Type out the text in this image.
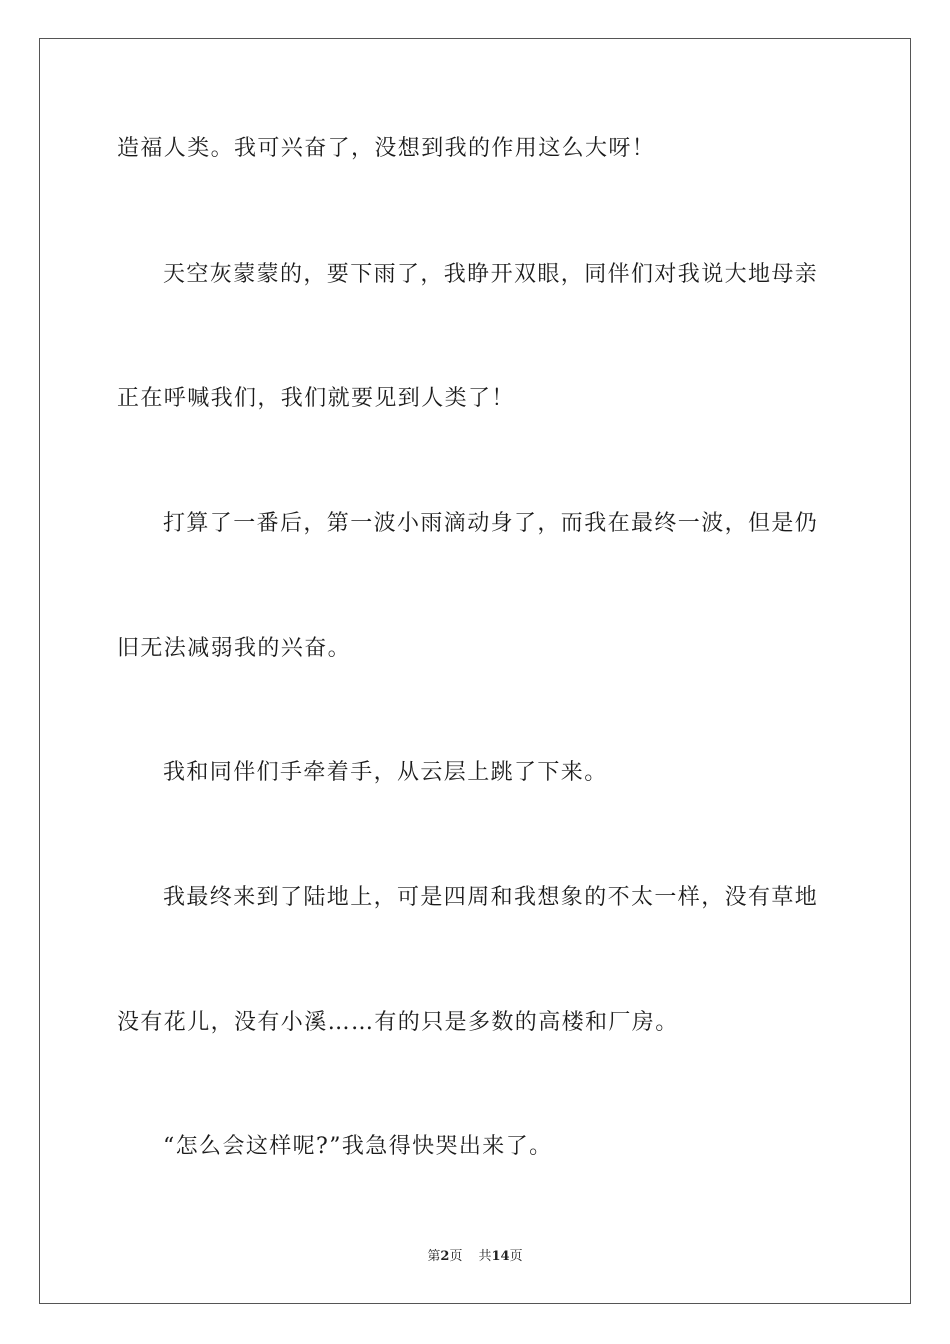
造福人类。我可兴奋了，没想到我的作用这么大呀！
天空灰蒙蒙的，要下雨了，我睁开双眼，同伴们对我说大地母亲
正在呼喊我们，我们就要见到人类了！
打算了一番后，第一波小雨滴动身了，而我在最终一波，但是仍
旧无法减弱我的兴奋。
我和同伴们手牵着手，从云层上跳了下来。
我最终来到了陆地上，可是四周和我想象的不太一样，没有草地
没有花儿，没有小溪……有的只是多数的高楼和厂房。
“怎么会这样呢?”我急得快哭出来了。
第2页 共14页
